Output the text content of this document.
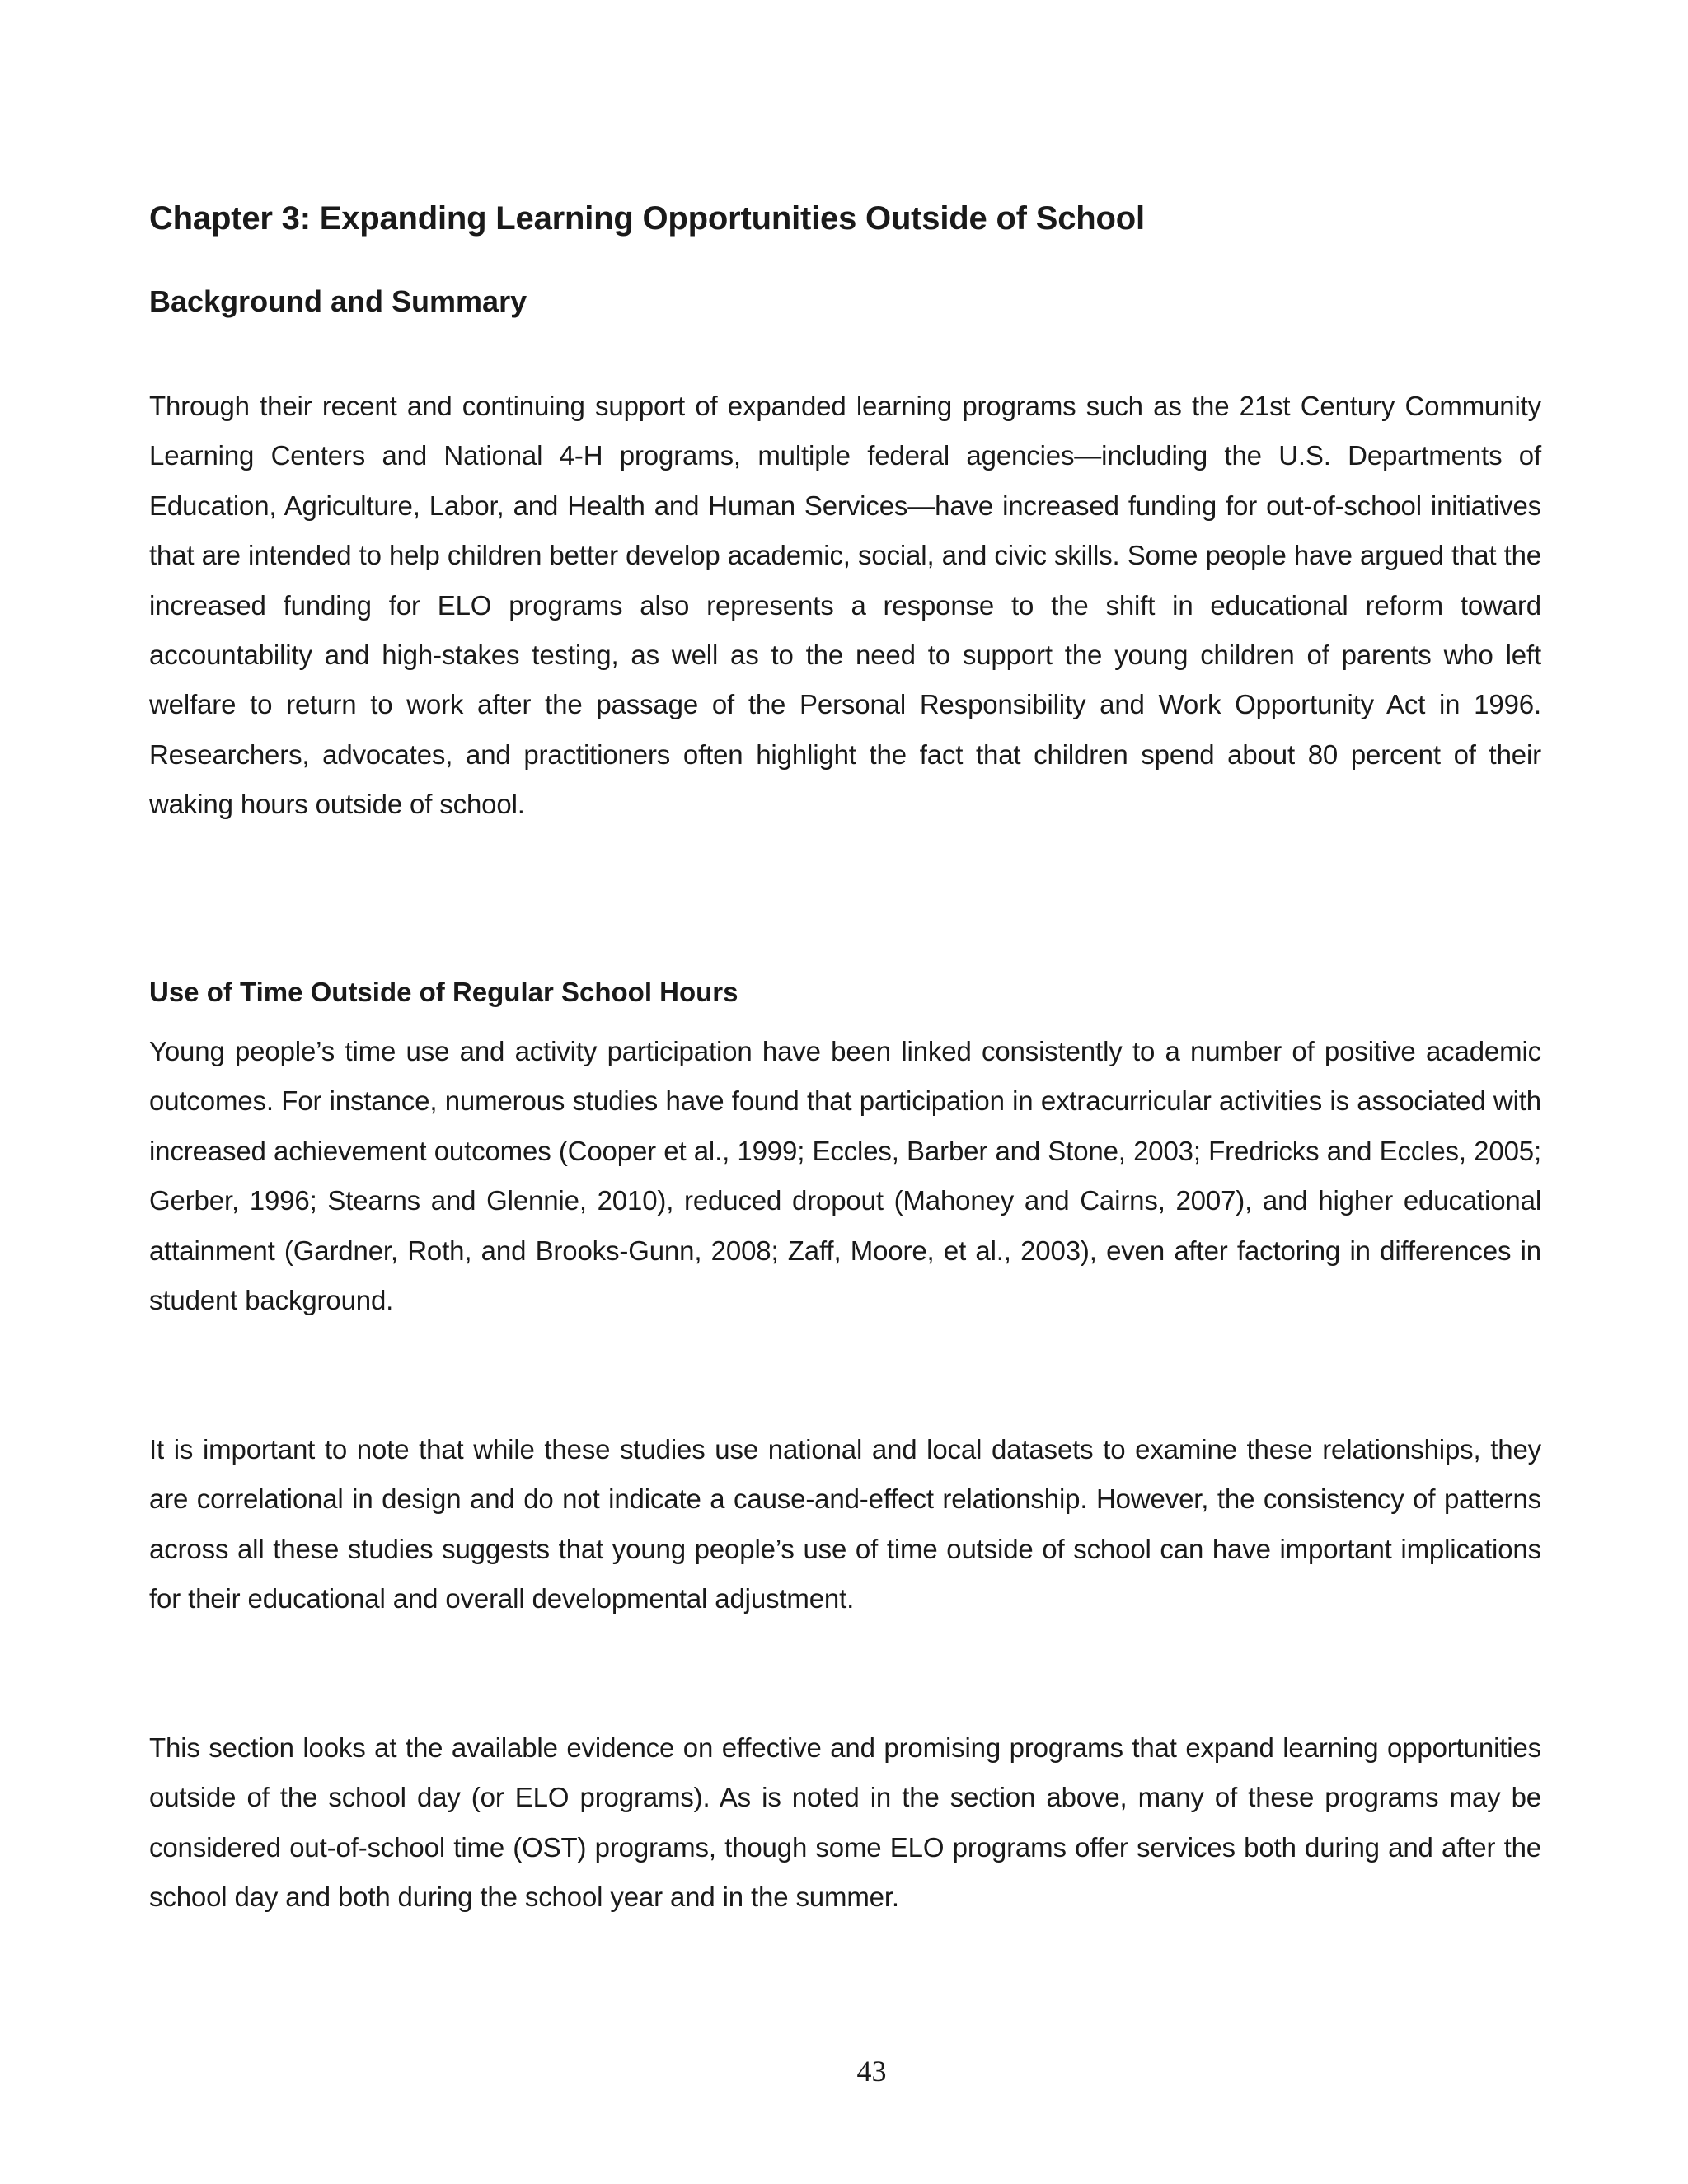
Chapter 3: Expanding Learning Opportunities Outside of School
Background and Summary

Through their recent and continuing support of expanded learning programs such as the 21st Century Community Learning Centers and National 4-H programs, multiple federal agencies—including the U.S. Departments of Education, Agriculture, Labor, and Health and Human Services—have increased funding for out-of-school initiatives that are intended to help children better develop academic, social, and civic skills. Some people have argued that the increased funding for ELO programs also represents a response to the shift in educational reform toward accountability and high-stakes testing, as well as to the need to support the young children of parents who left welfare to return to work after the passage of the Personal Responsibility and Work Opportunity Act in 1996. Researchers, advocates, and practitioners often highlight the fact that children spend about 80 percent of their waking hours outside of school.

Use of Time Outside of Regular School Hours

Young people’s time use and activity participation have been linked consistently to a number of positive academic outcomes. For instance, numerous studies have found that participation in extracurricular activities is associated with increased achievement outcomes (Cooper et al., 1999; Eccles, Barber and Stone, 2003; Fredricks and Eccles, 2005; Gerber, 1996; Stearns and Glennie, 2010), reduced dropout (Mahoney and Cairns, 2007), and higher educational attainment (Gardner, Roth, and Brooks-Gunn, 2008; Zaff, Moore, et al., 2003), even after factoring in differences in student background.

It is important to note that while these studies use national and local datasets to examine these relationships, they are correlational in design and do not indicate a cause-and-effect relationship. However, the consistency of patterns across all these studies suggests that young people’s use of time outside of school can have important implications for their educational and overall developmental adjustment.

This section looks at the available evidence on effective and promising programs that expand learning opportunities outside of the school day (or ELO programs). As is noted in the section above, many of these programs may be considered out-of-school time (OST) programs, though some ELO programs offer services both during and after the school day and both during the school year and in the summer.

43
